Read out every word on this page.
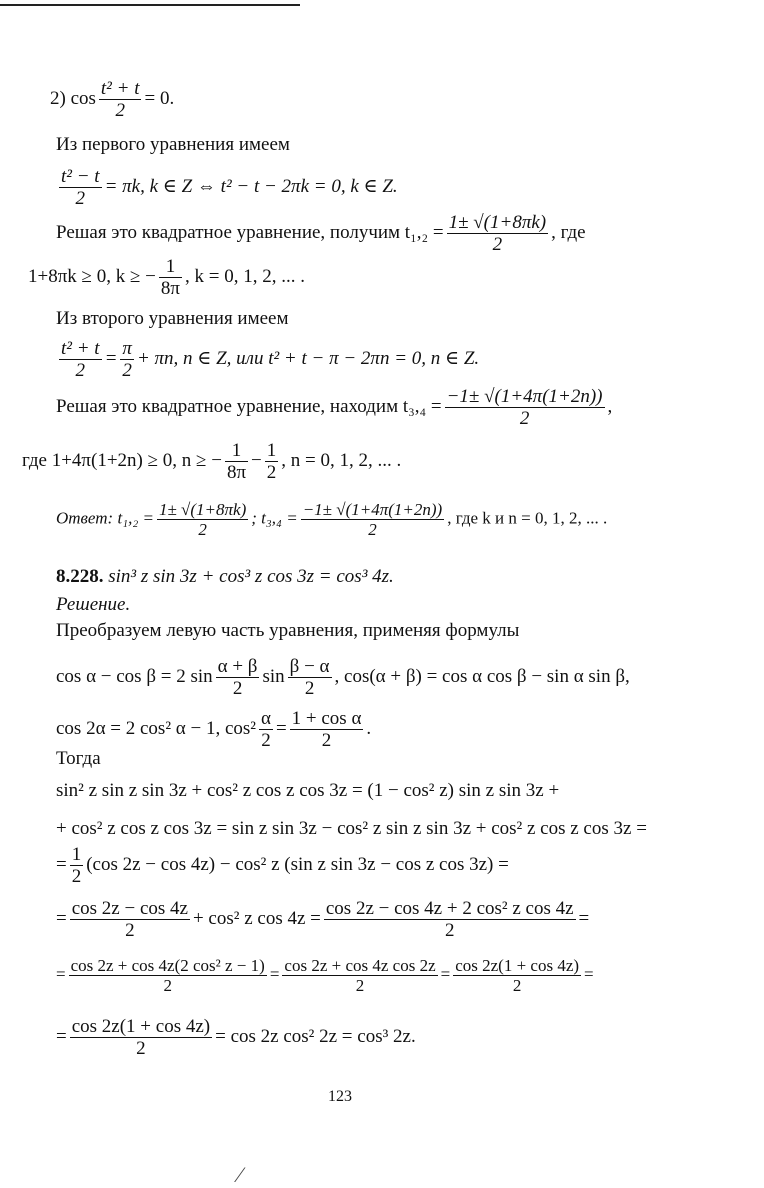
2) $\cos \frac{\text{t² + t}}{2} = 0$.
Из первого уравнения имеем
$\frac{\text{t² − t}}{2} = \pi k$, k ∈ Z ⇔ t² − t − 2πk = 0, k ∈ Z.
Решая это квадратное уравнение, получим $t_1,_2 = \frac{1\pm √(1+8\pi k)}{2}$ , где
1+8πk ≥ 0, k ≥ − $\frac{1}{8\pi}$ , k = 0, 1, 2, ... .
Из второго уравнения имеем
$\frac{\text{t² + t}}{2} = \frac{\pi}{2} + \pi n$, n ∈ Z, или t² + t − π − 2πn = 0, n ∈ Z.
Решая это квадратное уравнение, находим $t_3,_4 = \frac{-1\pm √(1+4\pi(1+2n))}{2}$ ,
где 1+4π(1+2n) ≥ 0, n ≥ − $\frac{1}{8\pi} - \frac{1}{2}$ , n = 0, 1, 2, ... .
Ответ: $t_1,_2 = \frac{1\pm √(1+8\pi k)}{2}$ ; $t_3,_4 = \frac{-1\pm √(1+4\pi(1+2n))}{2}$ , где k и n = 0, 1, 2, ... .
8.228. sin³ z sin 3z + cos³ z cos 3z = cos³ 4z.
Решение.
Преобразуем левую часть уравнения, применяя формулы
cos α − cos β = 2 $\sin \frac{\alpha + \beta}{2}$ $\sin \frac{\beta - \alpha}{2}$ , cos(α + β) = cos α cos β − sin α sin β,
cos 2α = 2 cos² α − 1, $\cos^2 \frac{\alpha}{2} = \frac{\text{1 + cos α}}{2}$ .
Тогда
sin² z sin z sin 3z + cos² z cos z cos 3z = (1 − cos² z) sin z sin 3z +
+ cos² z cos z cos 3z = sin z sin 3z − cos² z sin z sin 3z + cos² z cos z cos 3z =
= $\frac{1}{2} (\cos$ 2z − cos 4z) − cos² z (sin z sin 3z − cos z cos 3z) =
= $\frac{\cos 2z - \cos 4z}{2} + \cos^2$ z $\cos 4z = \frac{\text{cos 2z − cos 4z + 2 cos² z cos 4z}}{2}$ =
= $\frac{\text{cos 2z + cos 4z(2 cos² z − 1)}}{2} = \frac{\text{cos 2z + cos 4z cos 2z}}{2} = \frac{\cos 2z(1 + \cos 4z)}{2}$ =
= $\frac{\cos 2z(1 + \cos 4z)}{2} = \cos 2z$ cos² 2z = cos³ 2z.
123
⁄
